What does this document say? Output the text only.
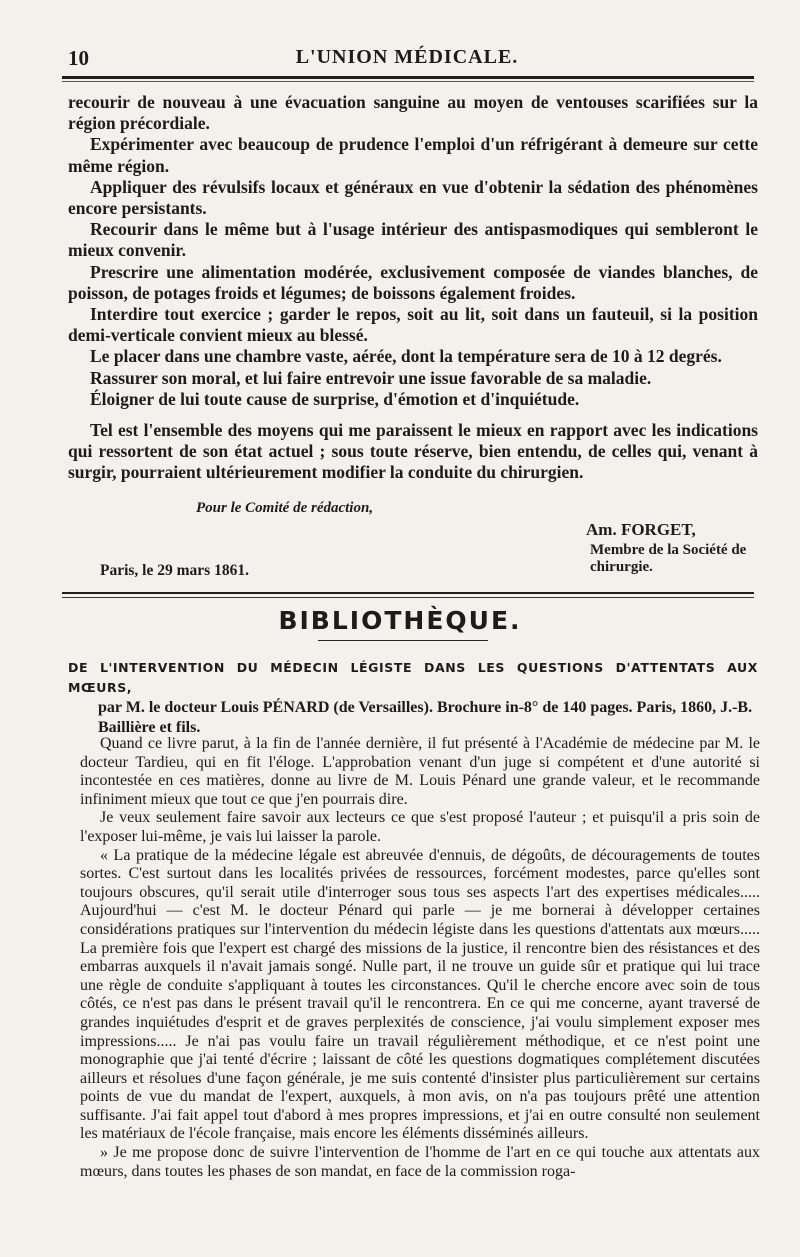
10	L'UNION MÉDICALE.

recourir de nouveau à une évacuation sanguine au moyen de ventouses scarifiées sur la région précordiale.

Expérimenter avec beaucoup de prudence l'emploi d'un réfrigérant à demeure sur cette même région.

Appliquer des révulsifs locaux et généraux en vue d'obtenir la sédation des phénomènes encore persistants.

Recourir dans le même but à l'usage intérieur des antispasmodiques qui sembleront le mieux convenir.

Prescrire une alimentation modérée, exclusivement composée de viandes blanches, de poisson, de potages froids et légumes; de boissons également froides.

Interdire tout exercice ; garder le repos, soit au lit, soit dans un fauteuil, si la position demi-verticale convient mieux au blessé.

Le placer dans une chambre vaste, aérée, dont la température sera de 10 à 12 degrés.

Rassurer son moral, et lui faire entrevoir une issue favorable de sa maladie.

Éloigner de lui toute cause de surprise, d'émotion et d'inquiétude.

Tel est l'ensemble des moyens qui me paraissent le mieux en rapport avec les indications qui ressortent de son état actuel ; sous toute réserve, bien entendu, de celles qui, venant à surgir, pourraient ultérieurement modifier la conduite du chirurgien.

Pour le Comité de rédaction,
Am. FORGET,
Membre de la Société de chirurgie.
Paris, le 29 mars 1861.
BIBLIOTHÈQUE.
DE L'INTERVENTION DU MÉDECIN LÉGISTE DANS LES QUESTIONS D'ATTENTATS AUX MŒURS,
par M. le docteur Louis PÉNARD (de Versailles). Brochure in-8° de 140 pages. Paris, 1860, J.-B. Baillière et fils.

Quand ce livre parut, à la fin de l'année dernière, il fut présenté à l'Académie de médecine par M. le docteur Tardieu, qui en fit l'éloge. L'approbation venant d'un juge si compétent et d'une autorité si incontestée en ces matières, donne au livre de M. Louis Pénard une grande valeur, et le recommande infiniment mieux que tout ce que j'en pourrais dire.

Je veux seulement faire savoir aux lecteurs ce que s'est proposé l'auteur ; et puisqu'il a pris soin de l'exposer lui-même, je vais lui laisser la parole.

« La pratique de la médecine légale est abreuvée d'ennuis, de dégoûts, de découragements de toutes sortes. C'est surtout dans les localités privées de ressources, forcément modestes, parce qu'elles sont toujours obscures, qu'il serait utile d'interroger sous tous ses aspects l'art des expertises médicales..... Aujourd'hui — c'est M. le docteur Pénard qui parle — je me bornerai à développer certaines considérations pratiques sur l'intervention du médecin légiste dans les questions d'attentats aux mœurs..... La première fois que l'expert est chargé des missions de la justice, il rencontre bien des résistances et des embarras auxquels il n'avait jamais songé. Nulle part, il ne trouve un guide sûr et pratique qui lui trace une règle de conduite s'appliquant à toutes les circonstances. Qu'il le cherche encore avec soin de tous côtés, ce n'est pas dans le présent travail qu'il le rencontrera. En ce qui me concerne, ayant traversé de grandes inquiétudes d'esprit et de graves perplexités de conscience, j'ai voulu simplement exposer mes impressions..... Je n'ai pas voulu faire un travail régulièrement méthodique, et ce n'est point une monographie que j'ai tenté d'écrire ; laissant de côté les questions dogmatiques complétement discutées ailleurs et résolues d'une façon générale, je me suis contenté d'insister plus particulièrement sur certains points de vue du mandat de l'expert, auxquels, à mon avis, on n'a pas toujours prêté une attention suffisante. J'ai fait appel tout d'abord à mes propres impressions, et j'ai en outre consulté non seulement les matériaux de l'école française, mais encore les éléments disséminés ailleurs.

» Je me propose donc de suivre l'intervention de l'homme de l'art en ce qui touche aux attentats aux mœurs, dans toutes les phases de son mandat, en face de la commission roga-
